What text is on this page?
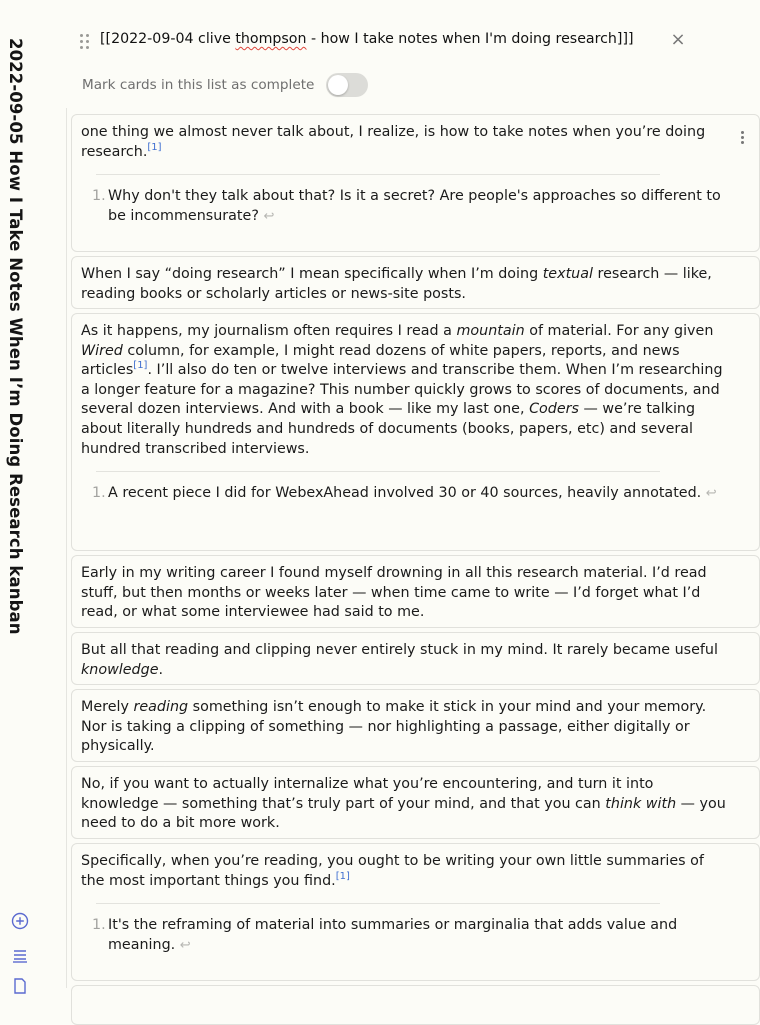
2022-09-05 How I Take Notes When I’m Doing Research kanban	[[2022-09-04 clive thompson - how I take notes when I'm doing research]]] ×
Mark cards in this list as complete
one thing we almost never talk about, I realize, is how to take notes when you’re doing research.[1]
1. Why don't they talk about that? Is it a secret? Are people's approaches so different to be incommensurate? ↩
When I say “doing research” I mean specifically when I’m doing textual research — like, reading books or scholarly articles or news-site posts.
As it happens, my journalism often requires I read a mountain of material. For any given Wired column, for example, I might read dozens of white papers, reports, and news articles[1]. I’ll also do ten or twelve interviews and transcribe them. When I’m researching a longer feature for a magazine? This number quickly grows to scores of documents, and several dozen interviews. And with a book — like my last one, Coders — we’re talking about literally hundreds and hundreds of documents (books, papers, etc) and several hundred transcribed interviews.
1. A recent piece I did for WebexAhead involved 30 or 40 sources, heavily annotated. ↩
Early in my writing career I found myself drowning in all this research material. I’d read stuff, but then months or weeks later — when time came to write — I’d forget what I’d read, or what some interviewee had said to me.
But all that reading and clipping never entirely stuck in my mind. It rarely became useful knowledge.
Merely reading something isn’t enough to make it stick in your mind and your memory. Nor is taking a clipping of something — nor highlighting a passage, either digitally or physically.
No, if you want to actually internalize what you’re encountering, and turn it into knowledge — something that’s truly part of your mind, and that you can think with — you need to do a bit more work.
Specifically, when you’re reading, you ought to be writing your own little summaries of the most important things you find.[1]
1. It's the reframing of material into summaries or marginalia that adds value and meaning. ↩
